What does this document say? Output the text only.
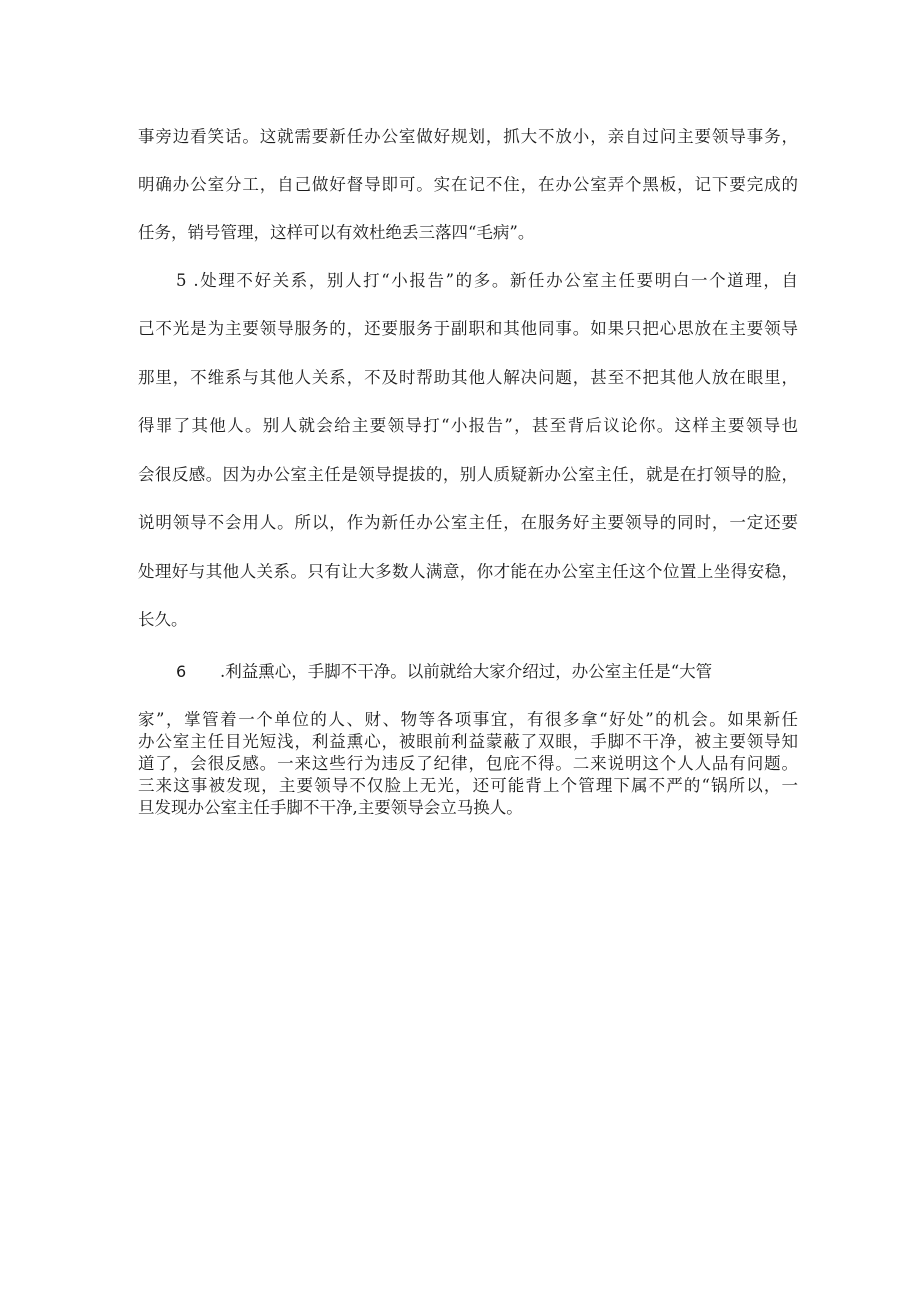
事旁边看笑话。这就需要新任办公室做好规划，抓大不放小，亲自过问主要领导事务，
明确办公室分工，自己做好督导即可。实在记不住，在办公室弄个黑板，记下要完成的
任务，销号管理，这样可以有效杜绝丢三落四“毛病”。
5 .处理不好关系，别人打“小报告”的多。新任办公室主任要明白一个道理，自
己不光是为主要领导服务的，还要服务于副职和其他同事。如果只把心思放在主要领导
那里，不维系与其他人关系，不及时帮助其他人解决问题，甚至不把其他人放在眼里，
得罪了其他人。别人就会给主要领导打“小报告”，甚至背后议论你。这样主要领导也
会很反感。因为办公室主任是领导提拔的，别人质疑新办公室主任，就是在打领导的脸，
说明领导不会用人。所以，作为新任办公室主任，在服务好主要领导的同时，一定还要
处理好与其他人关系。只有让大多数人满意，你才能在办公室主任这个位置上坐得安稳，
长久。
6 .利益熏心，手脚不干净。以前就给大家介绍过，办公室主任是“大管
家”，掌管着一个单位的人、财、物等各项事宜，有很多拿“好处”的机会。如果新任
办公室主任目光短浅，利益熏心，被眼前利益蒙蔽了双眼，手脚不干净，被主要领导知
道了，会很反感。一来这些行为违反了纪律，包庇不得。二来说明这个人人品有问题。
三来这事被发现，主要领导不仅脸上无光，还可能背上个管理下属不严的“锅所以，一
旦发现办公室主任手脚不干净,主要领导会立马换人。
